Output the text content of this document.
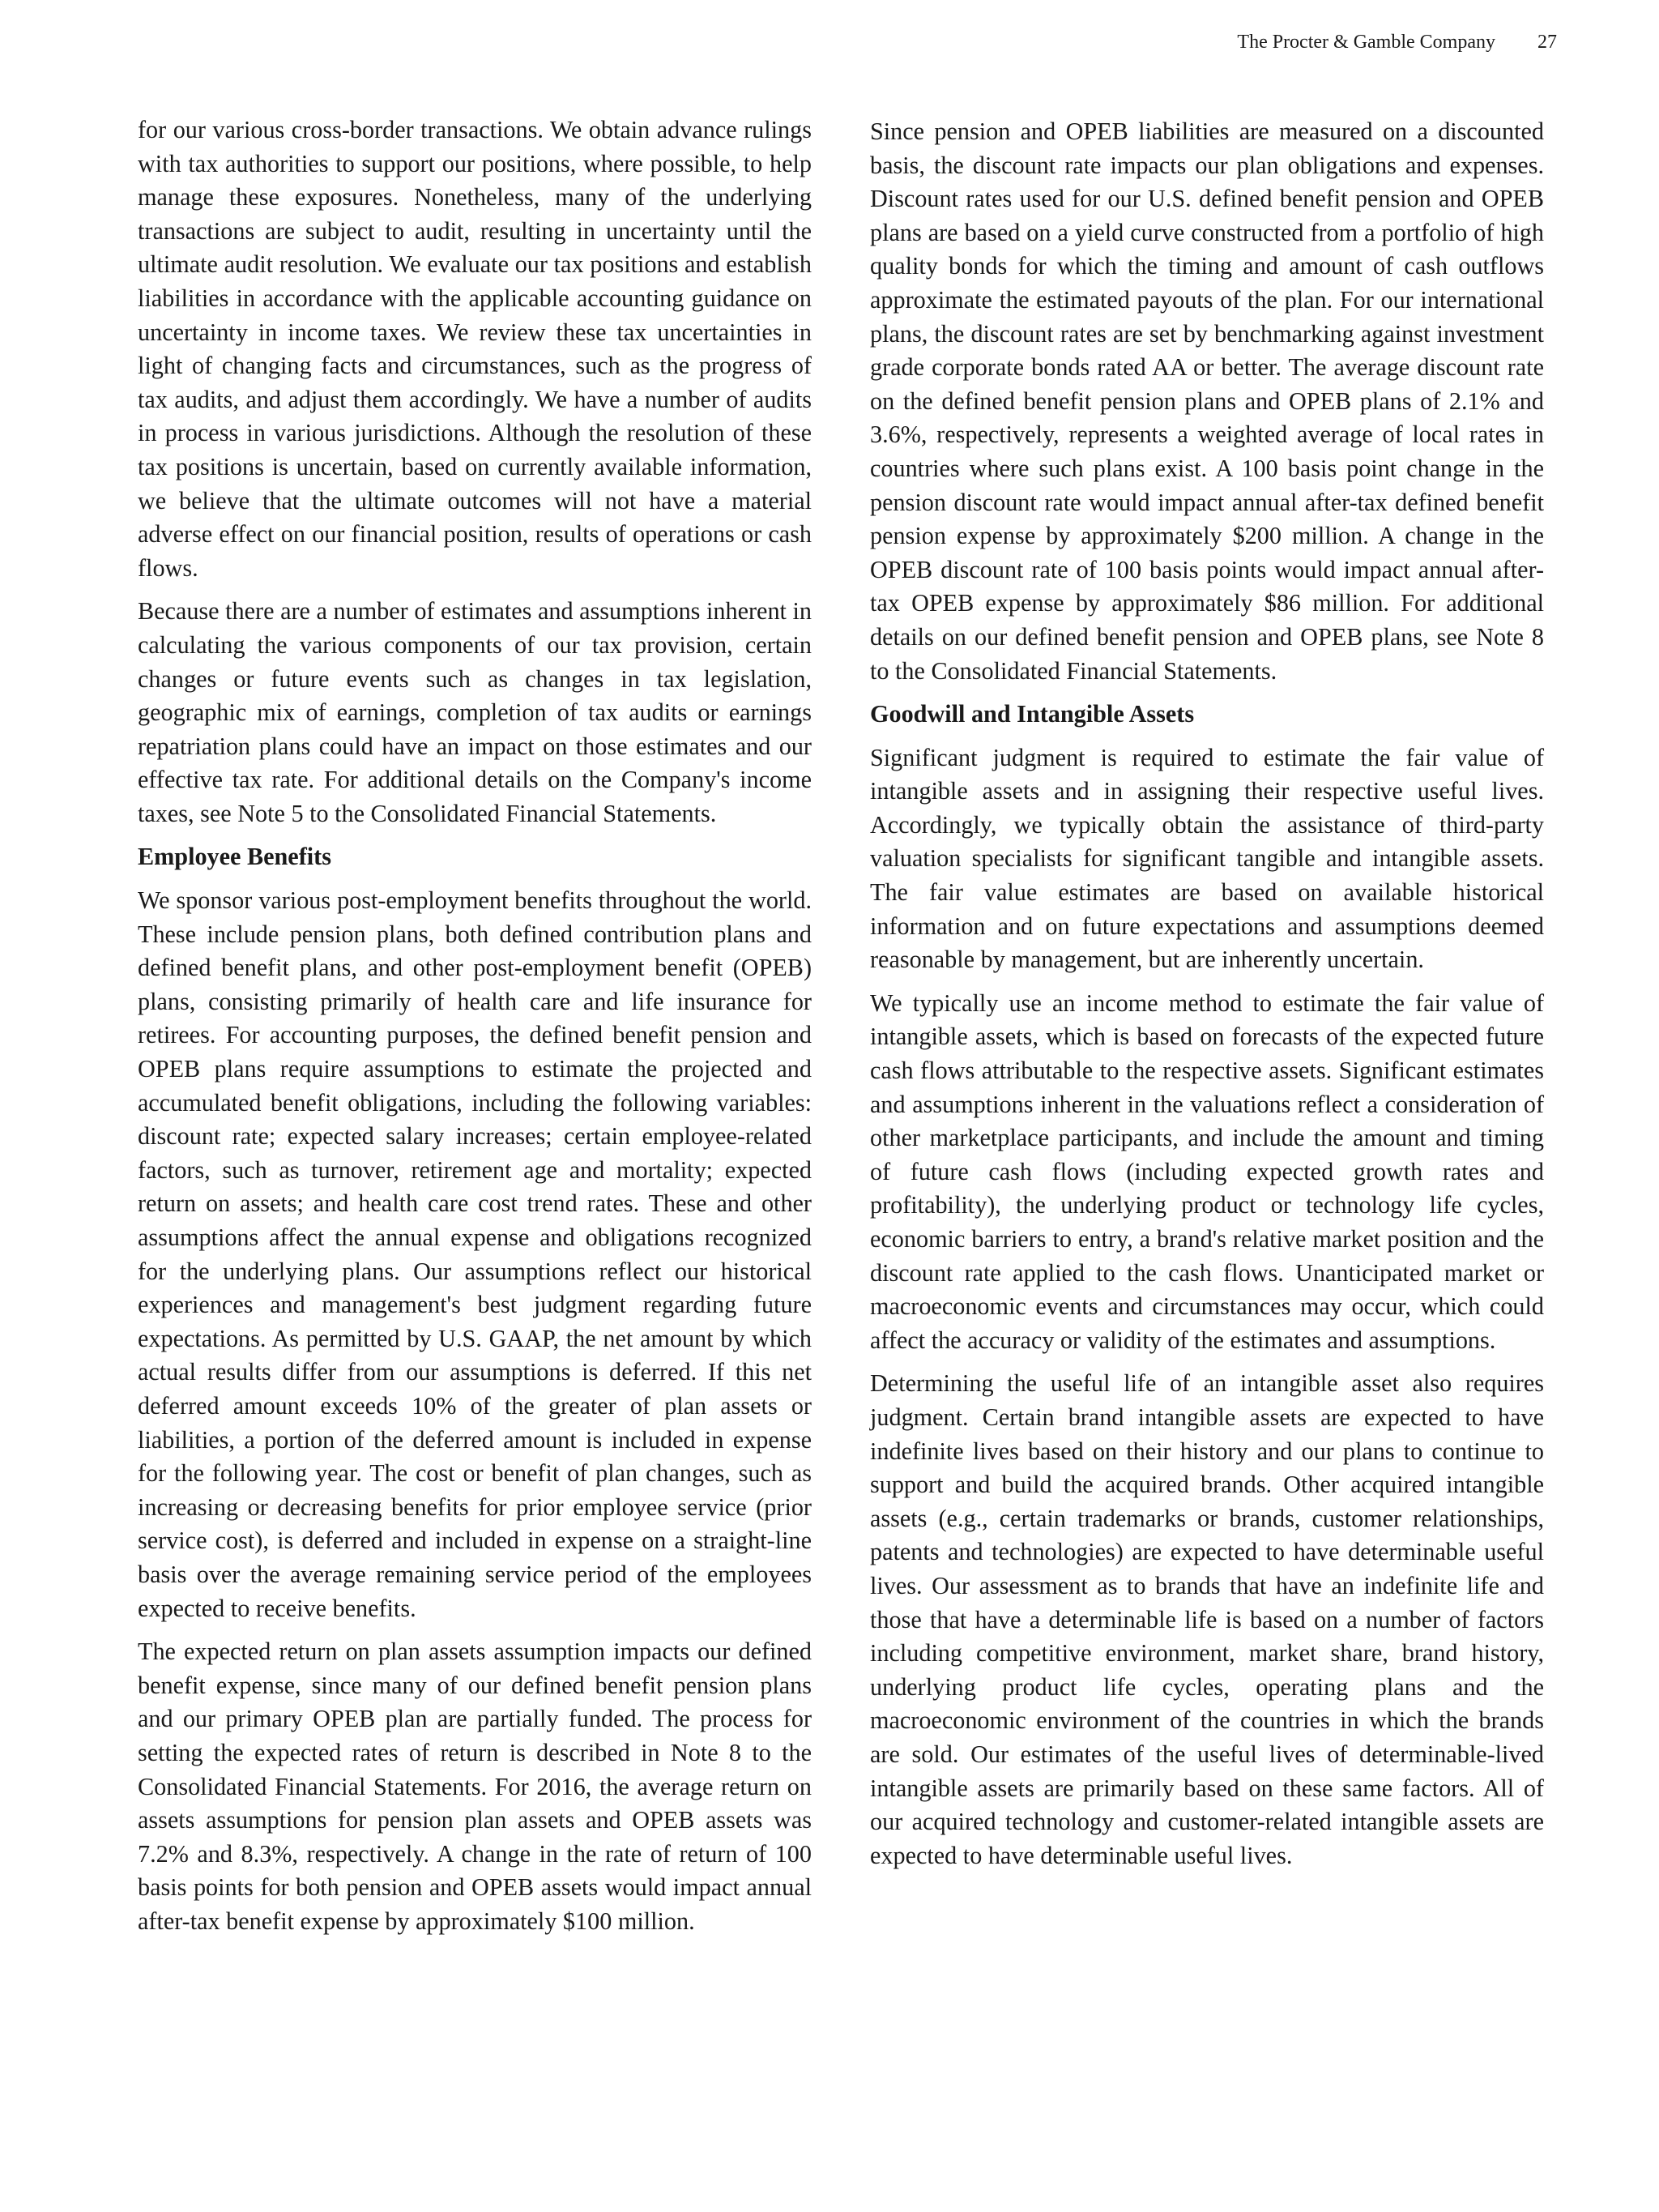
The Procter & Gamble Company 27

for our various cross-border transactions. We obtain advance rulings with tax authorities to support our positions, where possible, to help manage these exposures. Nonetheless, many of the underlying transactions are subject to audit, resulting in uncertainty until the ultimate audit resolution. We evaluate our tax positions and establish liabilities in accordance with the applicable accounting guidance on uncertainty in income taxes. We review these tax uncertainties in light of changing facts and circumstances, such as the progress of tax audits, and adjust them accordingly. We have a number of audits in process in various jurisdictions. Although the resolution of these tax positions is uncertain, based on currently available information, we believe that the ultimate outcomes will not have a material adverse effect on our financial position, results of operations or cash flows.

Because there are a number of estimates and assumptions inherent in calculating the various components of our tax provision, certain changes or future events such as changes in tax legislation, geographic mix of earnings, completion of tax audits or earnings repatriation plans could have an impact on those estimates and our effective tax rate. For additional details on the Company's income taxes, see Note 5 to the Consolidated Financial Statements.

Employee Benefits

We sponsor various post-employment benefits throughout the world. These include pension plans, both defined contribution plans and defined benefit plans, and other post-employment benefit (OPEB) plans, consisting primarily of health care and life insurance for retirees. For accounting purposes, the defined benefit pension and OPEB plans require assumptions to estimate the projected and accumulated benefit obligations, including the following variables: discount rate; expected salary increases; certain employee-related factors, such as turnover, retirement age and mortality; expected return on assets; and health care cost trend rates. These and other assumptions affect the annual expense and obligations recognized for the underlying plans. Our assumptions reflect our historical experiences and management's best judgment regarding future expectations. As permitted by U.S. GAAP, the net amount by which actual results differ from our assumptions is deferred. If this net deferred amount exceeds 10% of the greater of plan assets or liabilities, a portion of the deferred amount is included in expense for the following year. The cost or benefit of plan changes, such as increasing or decreasing benefits for prior employee service (prior service cost), is deferred and included in expense on a straight-line basis over the average remaining service period of the employees expected to receive benefits.

The expected return on plan assets assumption impacts our defined benefit expense, since many of our defined benefit pension plans and our primary OPEB plan are partially funded. The process for setting the expected rates of return is described in Note 8 to the Consolidated Financial Statements. For 2016, the average return on assets assumptions for pension plan assets and OPEB assets was 7.2% and 8.3%, respectively. A change in the rate of return of 100 basis points for both pension and OPEB assets would impact annual after-tax benefit expense by approximately $100 million.

Since pension and OPEB liabilities are measured on a discounted basis, the discount rate impacts our plan obligations and expenses. Discount rates used for our U.S. defined benefit pension and OPEB plans are based on a yield curve constructed from a portfolio of high quality bonds for which the timing and amount of cash outflows approximate the estimated payouts of the plan. For our international plans, the discount rates are set by benchmarking against investment grade corporate bonds rated AA or better. The average discount rate on the defined benefit pension plans and OPEB plans of 2.1% and 3.6%, respectively, represents a weighted average of local rates in countries where such plans exist. A 100 basis point change in the pension discount rate would impact annual after-tax defined benefit pension expense by approximately $200 million. A change in the OPEB discount rate of 100 basis points would impact annual after-tax OPEB expense by approximately $86 million. For additional details on our defined benefit pension and OPEB plans, see Note 8 to the Consolidated Financial Statements.

Goodwill and Intangible Assets

Significant judgment is required to estimate the fair value of intangible assets and in assigning their respective useful lives. Accordingly, we typically obtain the assistance of third-party valuation specialists for significant tangible and intangible assets. The fair value estimates are based on available historical information and on future expectations and assumptions deemed reasonable by management, but are inherently uncertain.

We typically use an income method to estimate the fair value of intangible assets, which is based on forecasts of the expected future cash flows attributable to the respective assets. Significant estimates and assumptions inherent in the valuations reflect a consideration of other marketplace participants, and include the amount and timing of future cash flows (including expected growth rates and profitability), the underlying product or technology life cycles, economic barriers to entry, a brand's relative market position and the discount rate applied to the cash flows. Unanticipated market or macroeconomic events and circumstances may occur, which could affect the accuracy or validity of the estimates and assumptions.

Determining the useful life of an intangible asset also requires judgment. Certain brand intangible assets are expected to have indefinite lives based on their history and our plans to continue to support and build the acquired brands. Other acquired intangible assets (e.g., certain trademarks or brands, customer relationships, patents and technologies) are expected to have determinable useful lives. Our assessment as to brands that have an indefinite life and those that have a determinable life is based on a number of factors including competitive environment, market share, brand history, underlying product life cycles, operating plans and the macroeconomic environment of the countries in which the brands are sold. Our estimates of the useful lives of determinable-lived intangible assets are primarily based on these same factors. All of our acquired technology and customer-related intangible assets are expected to have determinable useful lives.
